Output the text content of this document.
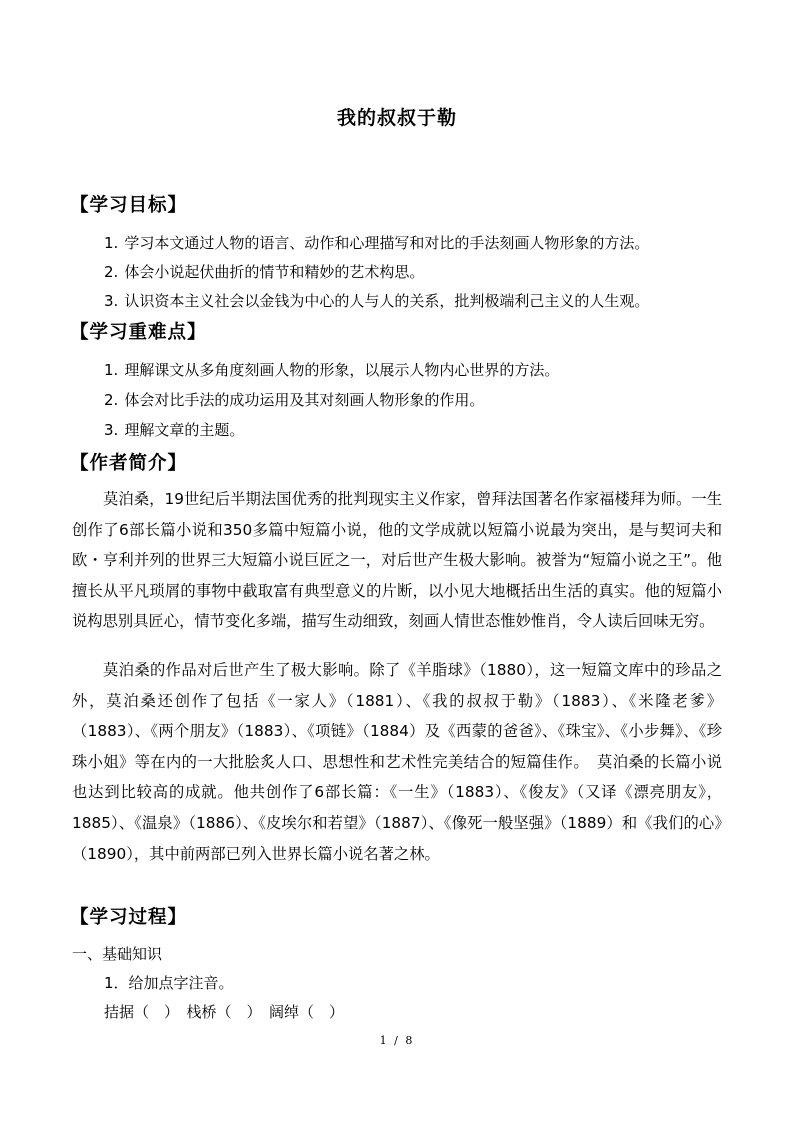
我的叔叔于勒
【学习目标】
1. 学习本文通过人物的语言、动作和心理描写和对比的手法刻画人物形象的方法。
2. 体会小说起伏曲折的情节和精妙的艺术构思。
3. 认识资本主义社会以金钱为中心的人与人的关系，批判极端利己主义的人生观。
【学习重难点】
1. 理解课文从多角度刻画人物的形象，以展示人物内心世界的方法。
2. 体会对比手法的成功运用及其对刻画人物形象的作用。
3. 理解文章的主题。
【作者简介】

莫泊桑，19世纪后半期法国优秀的批判现实主义作家，曾拜法国著名作家福楼拜为师。一生创作了6部长篇小说和350多篇中短篇小说，他的文学成就以短篇小说最为突出，是与契诃夫和欧・亨利并列的世界三大短篇小说巨匠之一，对后世产生极大影响。被誉为“短篇小说之王”。他擅长从平凡琐屑的事物中截取富有典型意义的片断，以小见大地概括出生活的真实。他的短篇小说构思别具匠心，情节变化多端，描写生动细致，刻画人情世态惟妙惟肖，令人读后回味无穷。

莫泊桑的作品对后世产生了极大影响。除了《羊脂球》（1880），这一短篇文库中的珍品之外，莫泊桑还创作了包括《一家人》（1881）、《我的叔叔于勒》（1883）、《米隆老爹》（1883）、《两个朋友》（1883）、《项链》（1884）及《西蒙的爸爸》、《珠宝》、《小步舞》、《珍珠小姐》等在内的一大批脍炙人口、思想性和艺术性完美结合的短篇佳作。　莫泊桑的长篇小说也达到比较高的成就。他共创作了6部长篇：《一生》（1883）、《俊友》（又译《漂亮朋友》，1885）、《温泉》（1886）、《皮埃尔和若望》（1887）、《像死一般坚强》（1889）和《我们的心》（1890），其中前两部已列入世界长篇小说名著之林。

【学习过程】
一、基础知识
1．给加点字注音。
拮据（　）　栈桥（　）　阔绰（　）
1 / 8
